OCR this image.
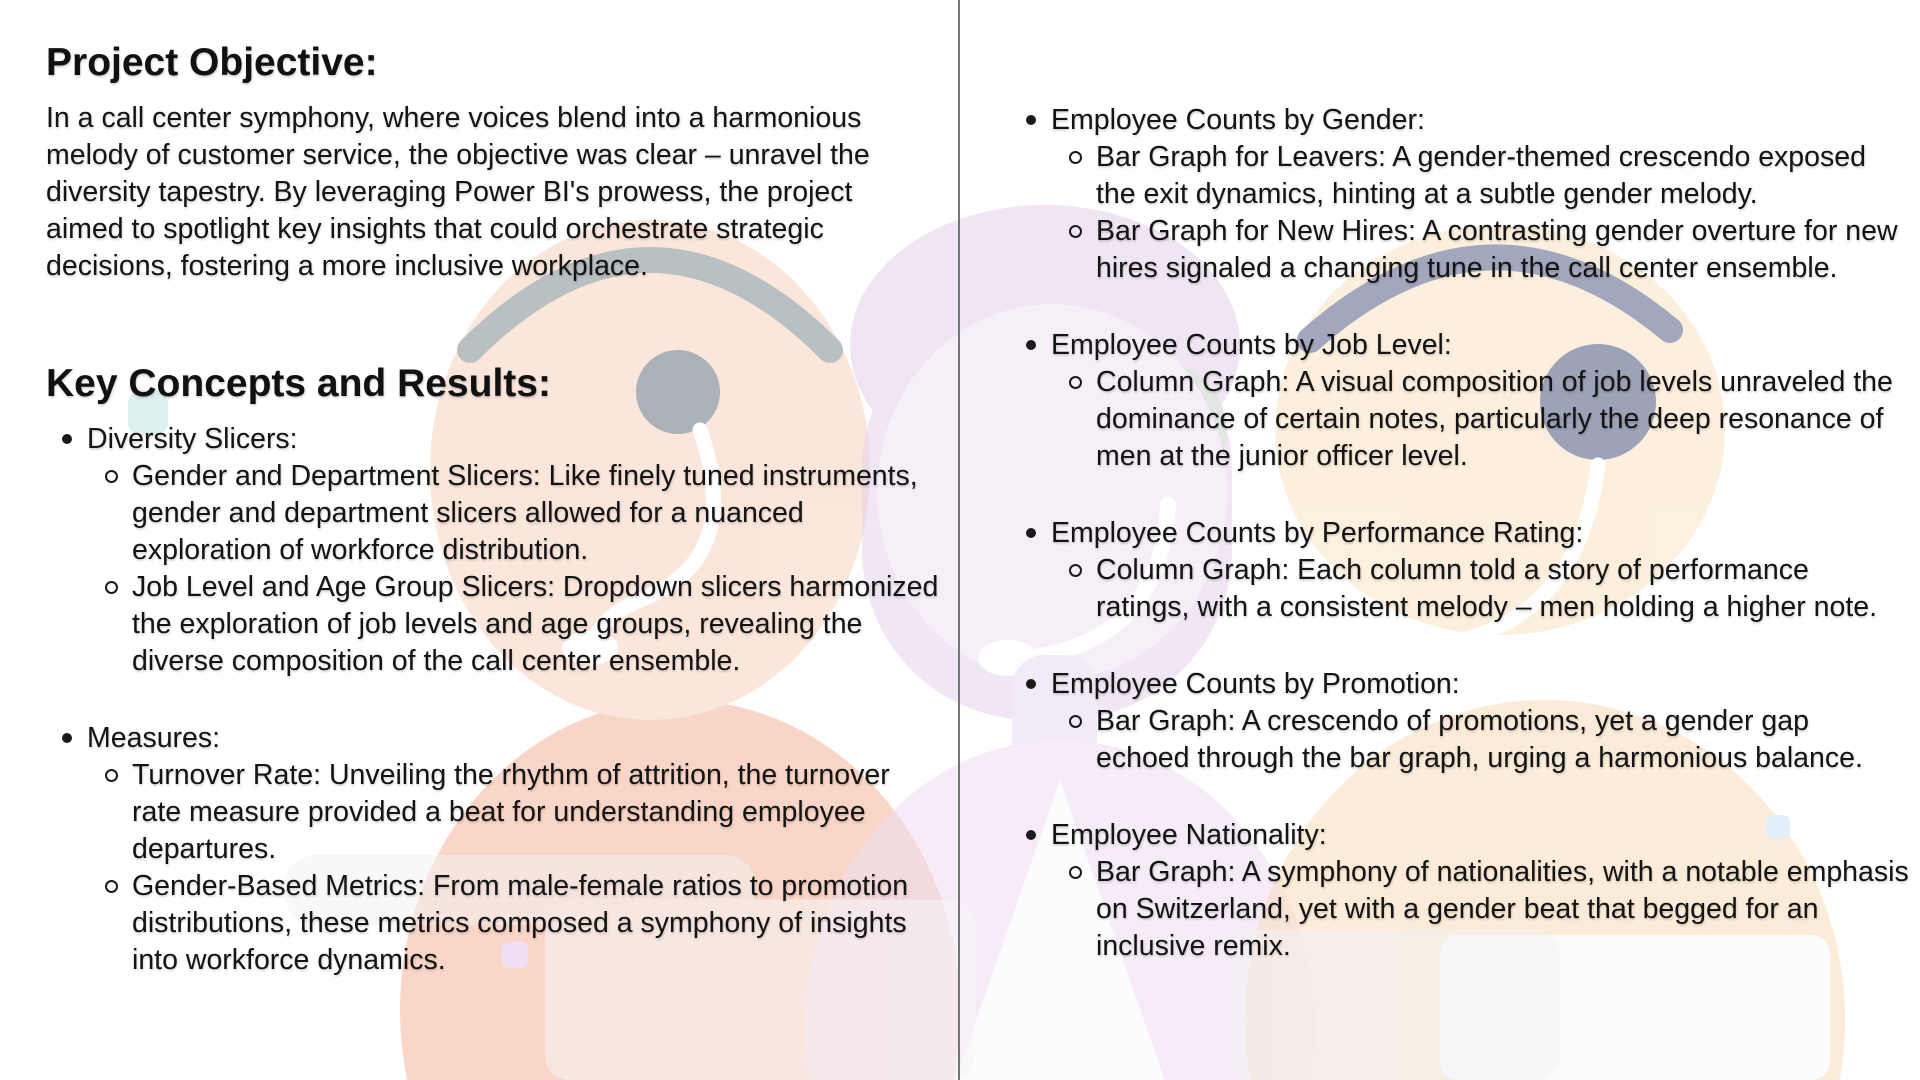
Project Objective:

In a call center symphony, where voices blend into a harmonious melody of customer service, the objective was clear – unravel the diversity tapestry. By leveraging Power BI's prowess, the project aimed to spotlight key insights that could orchestrate strategic decisions, fostering a more inclusive workplace.

Key Concepts and Results:
Diversity Slicers:
Gender and Department Slicers: Like finely tuned instruments, gender and department slicers allowed for a nuanced exploration of workforce distribution.
Job Level and Age Group Slicers: Dropdown slicers harmonized the exploration of job levels and age groups, revealing the diverse composition of the call center ensemble.
Measures:
Turnover Rate: Unveiling the rhythm of attrition, the turnover rate measure provided a beat for understanding employee departures.
Gender-Based Metrics: From male-female ratios to promotion distributions, these metrics composed a symphony of insights into workforce dynamics.
Employee Counts by Gender:
Bar Graph for Leavers: A gender-themed crescendo exposed the exit dynamics, hinting at a subtle gender melody.
Bar Graph for New Hires: A contrasting gender overture for new hires signaled a changing tune in the call center ensemble.
Employee Counts by Job Level:
Column Graph: A visual composition of job levels unraveled the dominance of certain notes, particularly the deep resonance of men at the junior officer level.
Employee Counts by Performance Rating:
Column Graph: Each column told a story of performance ratings, with a consistent melody – men holding a higher note.
Employee Counts by Promotion:
Bar Graph: A crescendo of promotions, yet a gender gap echoed through the bar graph, urging a harmonious balance.
Employee Nationality:
Bar Graph: A symphony of nationalities, with a notable emphasis on Switzerland, yet with a gender beat that begged for an inclusive remix.
